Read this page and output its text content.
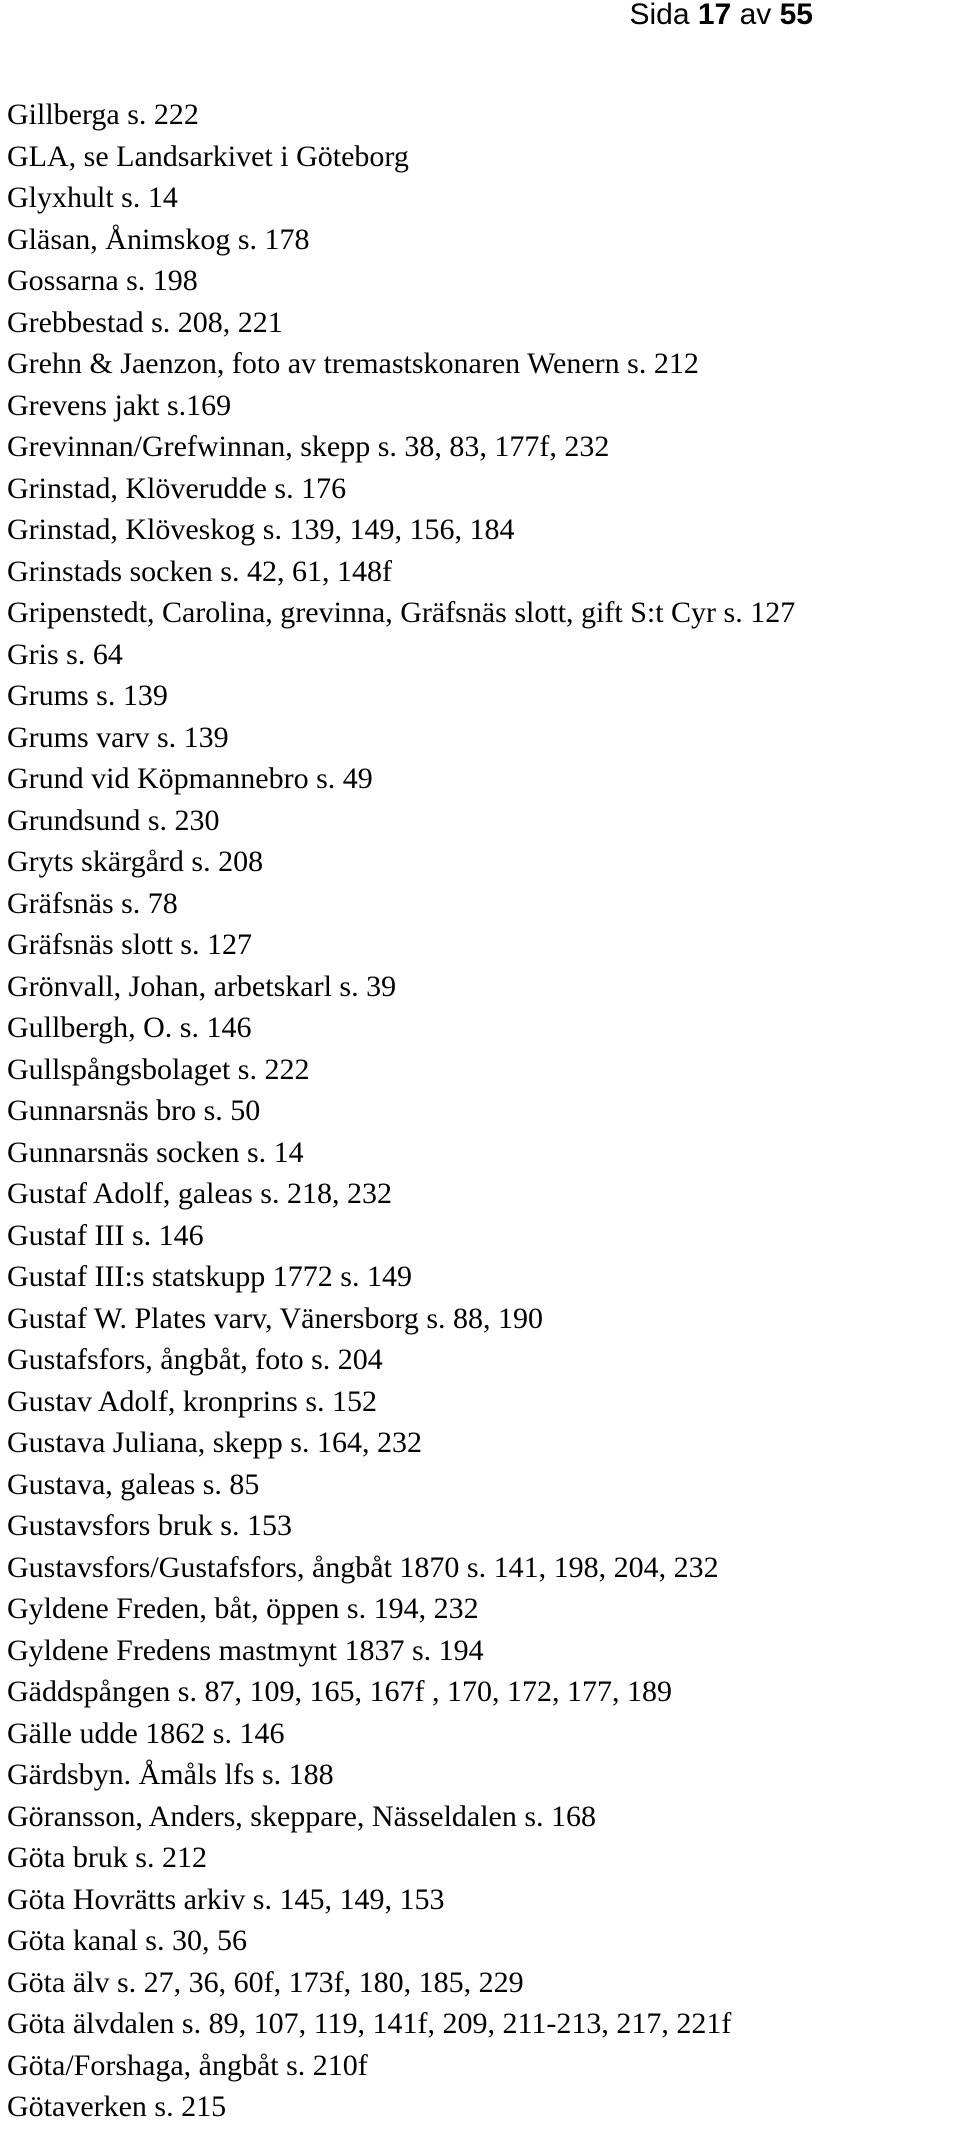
Sida 17 av 55
Gillberga s. 222
GLA, se Landsarkivet i Göteborg
Glyxhult s. 14
Gläsan, Ånimskog s. 178
Gossarna s. 198
Grebbestad s. 208, 221
Grehn & Jaenzon, foto av tremastskonaren Wenern s. 212
Grevens jakt s.169
Grevinnan/Grefwinnan, skepp s. 38, 83, 177f, 232
Grinstad, Klöverudde s. 176
Grinstad, Klöveskog s. 139, 149, 156, 184
Grinstads socken s. 42, 61, 148f
Gripenstedt, Carolina, grevinna, Gräfsnäs slott, gift S:t Cyr s. 127
Gris s. 64
Grums s. 139
Grums varv s. 139
Grund vid Köpmannebro s. 49
Grundsund s. 230
Gryts skärgård s. 208
Gräfsnäs s. 78
Gräfsnäs slott s. 127
Grönvall, Johan, arbetskarl s. 39
Gullbergh, O. s. 146
Gullspångsbolaget s. 222
Gunnarsnäs bro s. 50
Gunnarsnäs socken s. 14
Gustaf Adolf, galeas s. 218, 232
Gustaf III s. 146
Gustaf III:s statskupp 1772 s. 149
Gustaf W. Plates varv, Vänersborg s. 88, 190
Gustafsfors, ångbåt, foto s. 204
Gustav Adolf, kronprins s. 152
Gustava Juliana, skepp s. 164, 232
Gustava, galeas s. 85
Gustavsfors bruk s. 153
Gustavsfors/Gustafsfors, ångbåt 1870 s. 141, 198, 204, 232
Gyldene Freden, båt, öppen s. 194, 232
Gyldene Fredens mastmynt 1837 s. 194
Gäddspången s. 87, 109, 165, 167f , 170, 172, 177, 189
Gälle udde 1862 s. 146
Gärdsbyn. Åmåls lfs s. 188
Göransson, Anders, skeppare, Nässeldalen s. 168
Göta bruk s. 212
Göta Hovrätts arkiv s. 145, 149, 153
Göta kanal s. 30, 56
Göta älv s. 27, 36, 60f, 173f, 180, 185, 229
Göta älvdalen s. 89, 107, 119, 141f, 209, 211-213, 217, 221f
Göta/Forshaga, ångbåt s. 210f
Götaverken s. 215
